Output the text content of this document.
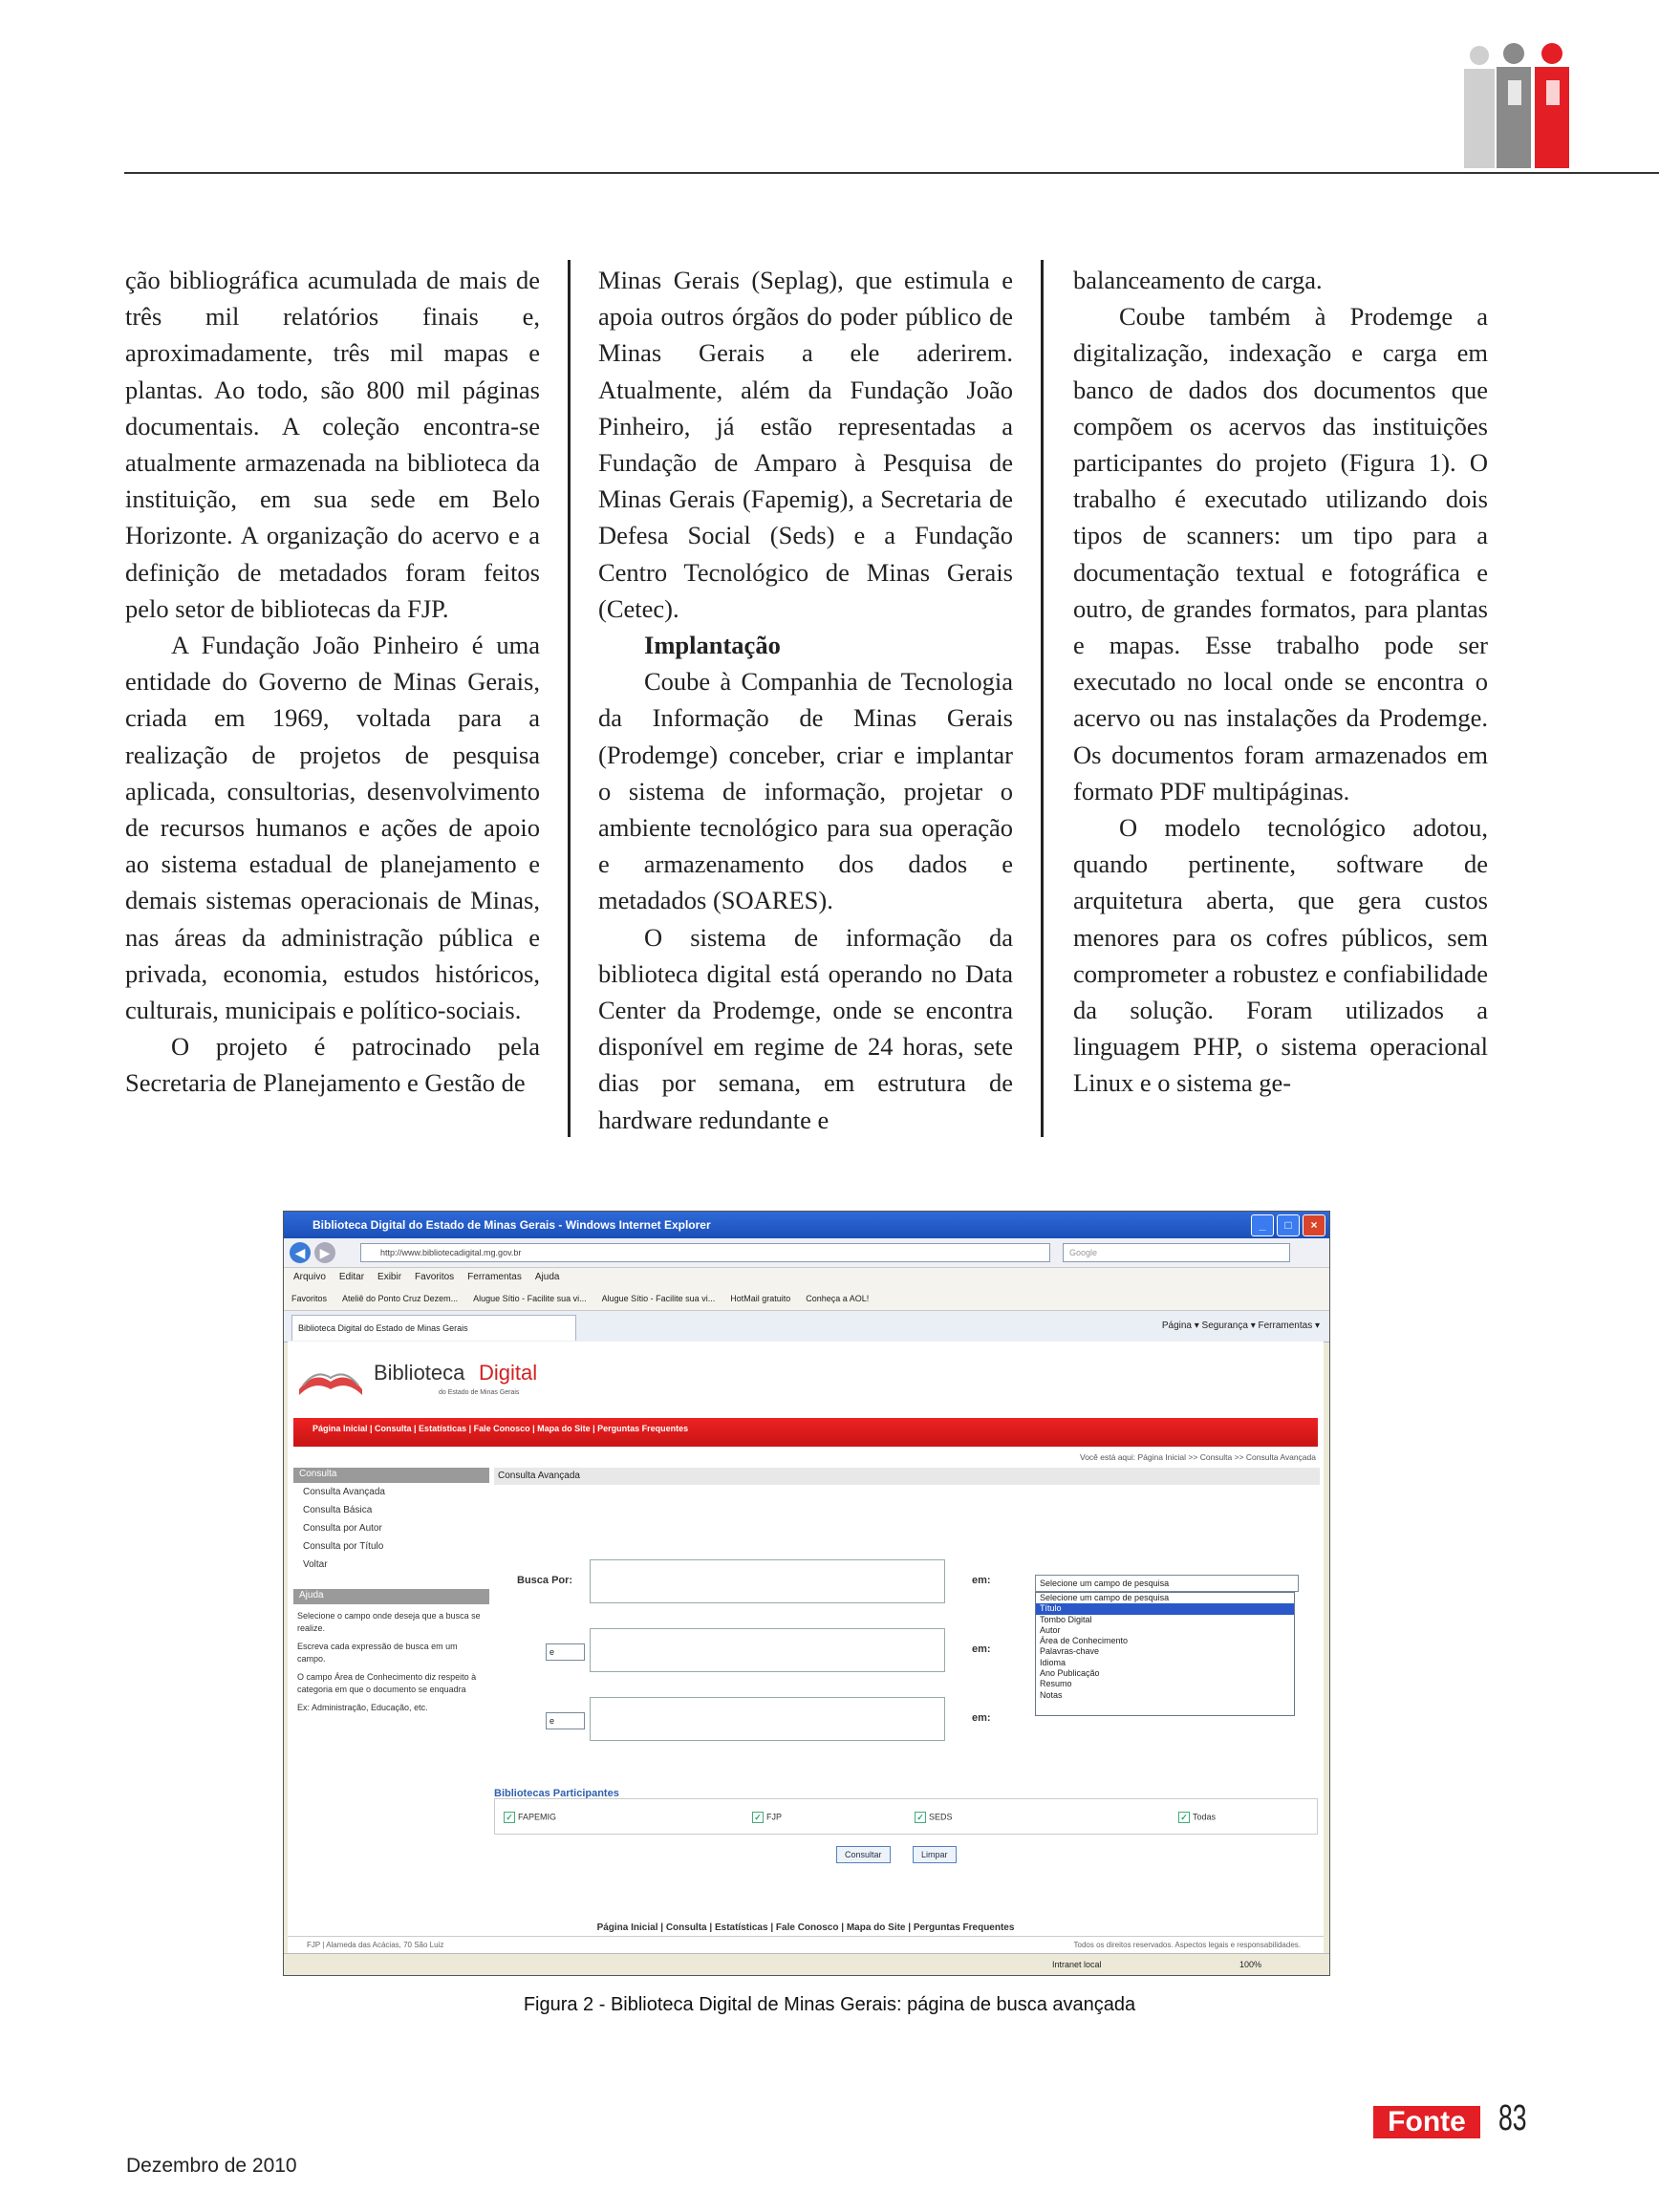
ção bibliográfica acumulada de mais de três mil relatórios finais e, aproximadamente, três mil mapas e plantas. Ao todo, são 800 mil páginas documentais. A coleção encontra-se atualmente armazenada na biblioteca da instituição, em sua sede em Belo Horizonte. A organização do acervo e a definição de metadados foram feitos pelo setor de bibliotecas da FJP.

A Fundação João Pinheiro é uma entidade do Governo de Minas Gerais, criada em 1969, voltada para a realização de projetos de pesquisa aplicada, consultorias, desenvolvimento de recursos humanos e ações de apoio ao sistema estadual de planejamento e demais sistemas operacionais de Minas, nas áreas da administração pública e privada, economia, estudos históricos, culturais, municipais e político-sociais.

O projeto é patrocinado pela Secretaria de Planejamento e Gestão de

Minas Gerais (Seplag), que estimula e apoia outros órgãos do poder público de Minas Gerais a ele aderirem. Atualmente, além da Fundação João Pinheiro, já estão representadas a Fundação de Amparo à Pesquisa de Minas Gerais (Fapemig), a Secretaria de Defesa Social (Seds) e a Fundação Centro Tecnológico de Minas Gerais (Cetec).

Implantação

Coube à Companhia de Tecnologia da Informação de Minas Gerais (Prodemge) conceber, criar e implantar o sistema de informação, projetar o ambiente tecnológico para sua operação e armazenamento dos dados e metadados (SOARES).

O sistema de informação da biblioteca digital está operando no Data Center da Prodemge, onde se encontra disponível em regime de 24 horas, sete dias por semana, em estrutura de hardware redundante e

balanceamento de carga.

Coube também à Prodemge a digitalização, indexação e carga em banco de dados dos documentos que compõem os acervos das instituições participantes do projeto (Figura 1). O trabalho é executado utilizando dois tipos de scanners: um tipo para a documentação textual e fotográfica e outro, de grandes formatos, para plantas e mapas. Esse trabalho pode ser executado no local onde se encontra o acervo ou nas instalações da Prodemge. Os documentos foram armazenados em formato PDF multipáginas.

O modelo tecnológico adotou, quando pertinente, software de arquitetura aberta, que gera custos menores para os cofres públicos, sem comprometer a robustez e confiabilidade da solução. Foram utilizados a linguagem PHP, o sistema operacional Linux e o sistema ge-

Biblioteca Digital do Estado de Minas Gerais - Windows Internet Explorer	_	□	×
◀	▶	http://www.bibliotecadigital.mg.gov.br	Google
Arquivo Editar Exibir Favoritos Ferramentas Ajuda
Favoritos Ateliê do Ponto Cruz Dezem... Alugue Sítio - Facilite sua vi... Alugue Sítio - Facilite sua vi... HotMail gratuito Conheça a AOL!
Biblioteca Digital do Estado de Minas Gerais	Página ▾ Segurança ▾ Ferramentas ▾
Biblioteca Digital
do Estado de Minas Gerais
Página Inicial | Consulta | Estatísticas | Fale Conosco | Mapa do Site | Perguntas Frequentes
Você está aqui: Página Inicial >> Consulta >> Consulta Avançada
Consulta
Consulta Avançada
Consulta Básica
Consulta por Autor
Consulta por Título
Voltar
Ajuda
Selecione o campo onde deseja que a busca se realize.
Escreva cada expressão de busca em um campo.
O campo Área de Conhecimento diz respeito à categoria em que o documento se enquadra
Ex: Administração, Educação, etc.
Consulta Avançada
Busca Por:
e
e
em:
em:
em:
Selecione um campo de pesquisa
Selecione um campo de pesquisa
Título
Tombo Digital
Autor
Área de Conhecimento
Palavras-chave
Idioma
Ano Publicação
Resumo
Notas
Bibliotecas Participantes
✓ FAPEMIG	✓ FJP	✓ SEDS	✓ Todas
Consultar	Limpar
Página Inicial | Consulta | Estatísticas | Fale Conosco | Mapa do Site | Perguntas Frequentes
FJP | Alameda das Acácias, 70 São Luiz	Todos os direitos reservados. Aspectos legais e responsabilidades.
Intranet local	100%
Figura 2 - Biblioteca Digital de Minas Gerais: página de busca avançada
Dezembro de 2010
Fonte 83
